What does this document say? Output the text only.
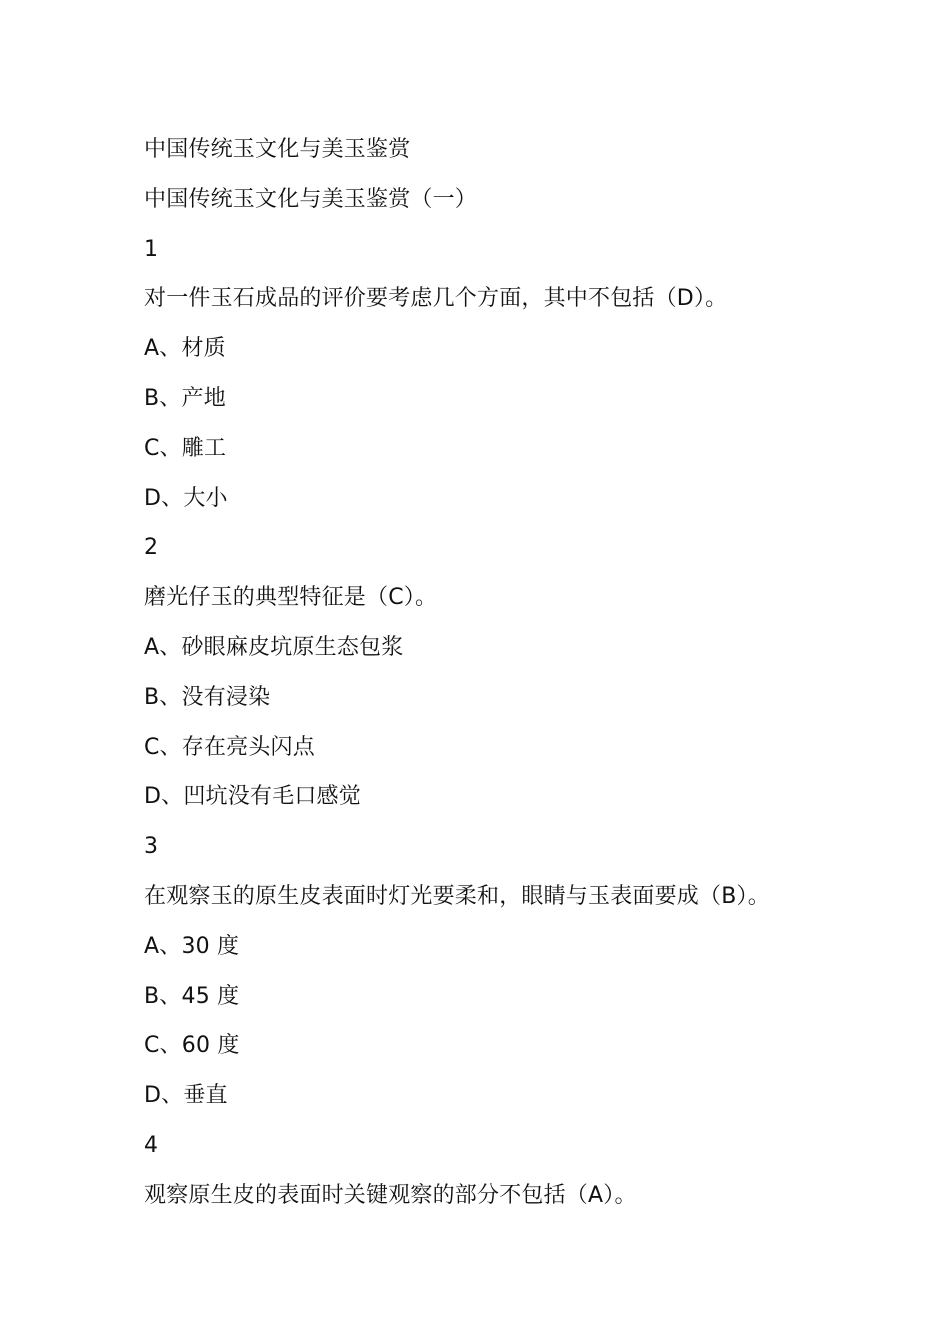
中国传统玉文化与美玉鉴赏
中国传统玉文化与美玉鉴赏（一）
1
对一件玉石成品的评价要考虑几个方面，其中不包括（D）。
A、材质
B、产地
C、雕工
D、大小
2
磨光仔玉的典型特征是（C）。
A、砂眼麻皮坑原生态包浆
B、没有浸染
C、存在亮头闪点
D、凹坑没有毛口感觉
3
在观察玉的原生皮表面时灯光要柔和，眼睛与玉表面要成（B）。
A、30 度
B、45 度
C、60 度
D、垂直
4
观察原生皮的表面时关键观察的部分不包括（A）。
